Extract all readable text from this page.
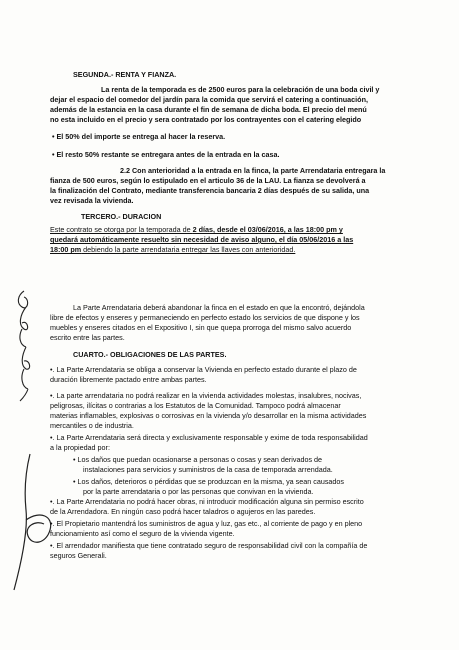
SEGUNDA.- RENTA Y FIANZA.
La renta de la temporada es de 2500 euros para la celebración de una boda civil y
dejar el espacio del comedor del jardín para la comida que servirá el catering a continuación,
además de la estancia en la casa durante el fin de semana de dicha boda. El precio del menú
no esta incluido en el precio y sera contratado por los contrayentes con el catering elegido
• El 50% del importe se entrega al hacer la reserva.
• El resto 50% restante se entregara antes de la entrada en la casa.
2.2 Con anterioridad a la entrada en la finca, la parte Arrendataria entregara la
fianza de 500 euros, según lo estipulado en el articulo 36 de la LAU. La fianza se devolverá a
la finalización del Contrato, mediante transferencia bancaria 2 días después de su salida, una
vez revisada la vivienda.
TERCERO.- DURACION
Este contrato se otorga por la temporada de 2 días, desde el 03/06/2016, a las 18:00 pm y
quedará automáticamente resuelto sin necesidad de aviso alguno, el día 05/06/2016 a las
18:00 pm debiendo la parte arrendataria entregar las llaves con anterioridad.
La Parte Arrendataria deberá abandonar la finca en el estado en que la encontró, dejándola
libre de efectos y enseres y permaneciendo en perfecto estado los servicios de que dispone y los
muebles y enseres citados en el Expositivo I, sin que quepa prorroga del mismo salvo acuerdo
escrito entre las partes.
CUARTO.- OBLIGACIONES DE LAS PARTES.
•. La Parte Arrendataria se obliga a conservar la Vivienda en perfecto estado durante el plazo de
duración libremente pactado entre ambas partes.
•. La parte arrendataria no podrá realizar en la vivienda actividades molestas, insalubres, nocivas,
peligrosas, ilícitas o contrarias a los Estatutos de la Comunidad. Tampoco podrá almacenar
materias inflamables, explosivas o corrosivas en la vivienda y/o desarrollar en la misma actividades
mercantiles o de industria.
•. La Parte Arrendataria será directa y exclusivamente responsable y exime de toda responsabilidad
a la propiedad por:
• Los daños que puedan ocasionarse a personas o cosas y sean derivados de
instalaciones para servicios y suministros de la casa de temporada arrendada.
• Los daños, deterioros o pérdidas que se produzcan en la misma, ya sean causados
por la parte arrendataria o por las personas que convivan en la vivienda.
•. La Parte Arrendataria no podrá hacer obras, ni introducir modificación alguna sin permiso escrito
de la Arrendadora. En ningún caso podrá hacer taladros o agujeros en las paredes.
•. El Propietario mantendrá los suministros de agua y luz, gas etc., al corriente de pago y en pleno
funcionamiento así como el seguro de la vivienda vigente.
•. El arrendador manifiesta que tiene contratado seguro de responsabilidad civil con la compañía de
seguros Generali.
